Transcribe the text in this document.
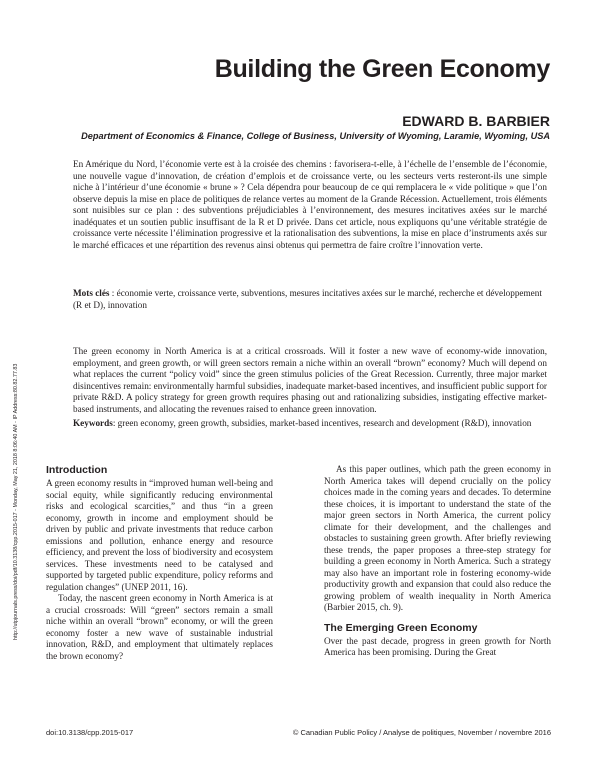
Building the Green Economy

EDWARD B. BARBIER

Department of Economics & Finance, College of Business, University of Wyoming, Laramie, Wyoming, USA

En Amérique du Nord, l’économie verte est à la croisée des chemins : favorisera-t-elle, à l’échelle de l’ensemble de l’économie, une nouvelle vague d’innovation, de création d’emplois et de croissance verte, ou les secteurs verts resteront-ils une simple niche à l’intérieur d’une économie « brune » ? Cela dépendra pour beaucoup de ce qui remplacera le « vide politique » que l’on observe depuis la mise en place de politiques de relance vertes au moment de la Grande Récession. Actuellement, trois éléments sont nuisibles sur ce plan : des subventions préjudiciables à l’environnement, des mesures incitatives axées sur le marché inadéquates et un soutien public insuffisant de la R et D privée. Dans cet article, nous expliquons qu’une véritable stratégie de croissance verte nécessite l’élimination progressive et la rationalisation des subventions, la mise en place d’instruments axés sur le marché efficaces et une répartition des revenus ainsi obtenus qui permettra de faire croître l’innovation verte.

Mots clés : économie verte, croissance verte, subventions, mesures incitatives axées sur le marché, recherche et développement (R et D), innovation

The green economy in North America is at a critical crossroads. Will it foster a new wave of economy-wide innovation, employment, and green growth, or will green sectors remain a niche within an overall “brown” economy? Much will depend on what replaces the current “policy void” since the green stimulus policies of the Great Recession. Currently, three major market disincentives remain: environmentally harmful subsidies, inadequate market-based incentives, and insufficient public support for private R&D. A policy strategy for green growth requires phasing out and rationalizing subsidies, instigating effective market-based instruments, and allocating the revenues raised to enhance green innovation.

Keywords: green economy, green growth, subsidies, market-based incentives, research and development (R&D), innovation

Introduction

A green economy results in “improved human well-being and social equity, while significantly reducing environmental risks and ecological scarcities,” and thus “in a green economy, growth in income and employment should be driven by public and private investments that reduce carbon emissions and pollution, enhance energy and resource efficiency, and prevent the loss of biodiversity and ecosystem services. These investments need to be catalysed and supported by targeted public expenditure, policy reforms and regulation changes” (UNEP 2011, 16).

Today, the nascent green economy in North America is at a crucial crossroads: Will “green” sectors remain a small niche within an overall “brown” economy, or will the green economy foster a new wave of sustainable industrial innovation, R&D, and employment that ultimately replaces the brown economy?

As this paper outlines, which path the green economy in North America takes will depend crucially on the policy choices made in the coming years and decades. To determine these choices, it is important to understand the state of the major green sectors in North America, the current policy climate for their development, and the challenges and obstacles to sustaining green growth. After briefly reviewing these trends, the paper proposes a three-step strategy for building a green economy in North America. Such a strategy may also have an important role in fostering economy-wide productivity growth and expansion that could also reduce the growing problem of wealth inequality in North America (Barbier 2015, ch. 9).

The Emerging Green Economy

Over the past decade, progress in green growth for North America has been promising. During the Great

http://utpjournals.press/doi/pdf/10.3138/cpp.2015-017 - Monday, May 21, 2018 8:06:40 AM - IP Address:80.82.77.83
doi:10.3138/cpp.2015-017	© Canadian Public Policy / Analyse de politiques, November / novembre 2016
